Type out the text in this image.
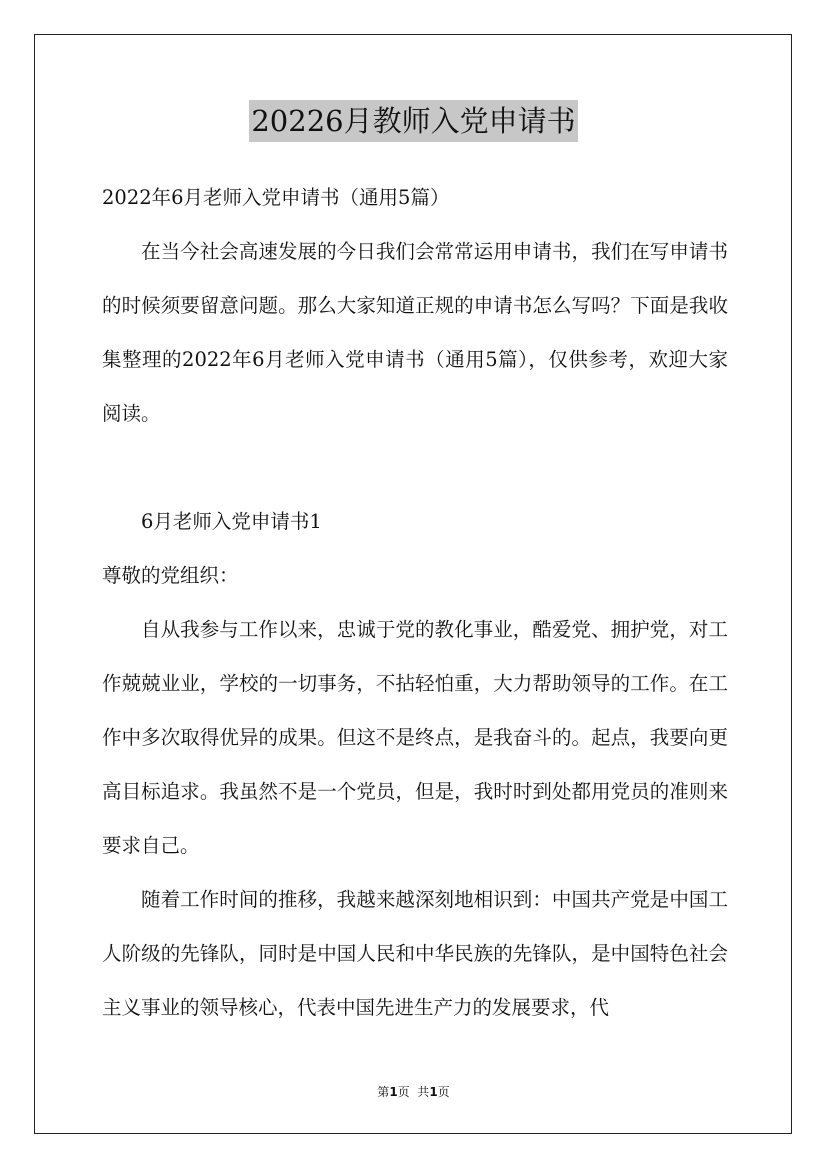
20226月教师入党申请书

2022年6月老师入党申请书（通用5篇）

在当今社会高速发展的今日我们会常常运用申请书，我们在写申请书的时候须要留意问题。那么大家知道正规的申请书怎么写吗？下面是我收集整理的2022年6月老师入党申请书（通用5篇），仅供参考，欢迎大家阅读。

6月老师入党申请书1

尊敬的党组织：

自从我参与工作以来，忠诚于党的教化事业，酷爱党、拥护党，对工作兢兢业业，学校的一切事务，不拈轻怕重，大力帮助领导的工作。在工作中多次取得优异的成果。但这不是终点，是我奋斗的。起点，我要向更高目标追求。我虽然不是一个党员，但是，我时时到处都用党员的准则来要求自己。

随着工作时间的推移，我越来越深刻地相识到：中国共产党是中国工人阶级的先锋队，同时是中国人民和中华民族的先锋队，是中国特色社会主义事业的领导核心，代表中国先进生产力的发展要求，代

第1页  共1页
